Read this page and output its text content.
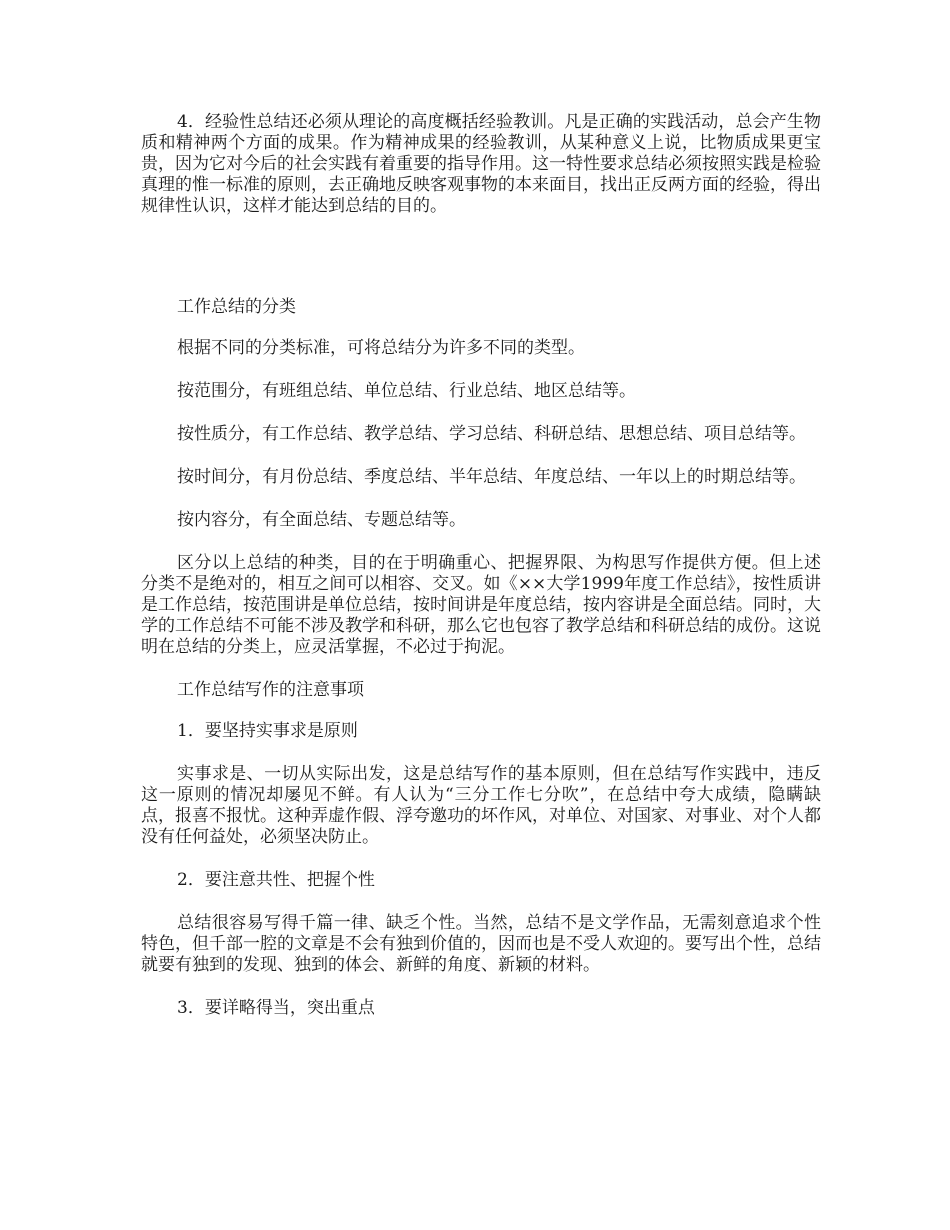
4．经验性总结还必须从理论的高度概括经验教训。凡是正确的实践活动，总会产生物质和精神两个方面的成果。作为精神成果的经验教训，从某种意义上说，比物质成果更宝贵，因为它对今后的社会实践有着重要的指导作用。这一特性要求总结必须按照实践是检验真理的惟一标准的原则，去正确地反映客观事物的本来面目，找出正反两方面的经验，得出规律性认识，这样才能达到总结的目的。

工作总结的分类

根据不同的分类标准，可将总结分为许多不同的类型。

按范围分，有班组总结、单位总结、行业总结、地区总结等。

按性质分，有工作总结、教学总结、学习总结、科研总结、思想总结、项目总结等。

按时间分，有月份总结、季度总结、半年总结、年度总结、一年以上的时期总结等。

按内容分，有全面总结、专题总结等。

区分以上总结的种类，目的在于明确重心、把握界限、为构思写作提供方便。但上述分类不是绝对的，相互之间可以相容、交叉。如《××大学1999年度工作总结》，按性质讲是工作总结，按范围讲是单位总结，按时间讲是年度总结，按内容讲是全面总结。同时，大学的工作总结不可能不涉及教学和科研，那么它也包容了教学总结和科研总结的成份。这说明在总结的分类上，应灵活掌握，不必过于拘泥。

工作总结写作的注意事项

1．要坚持实事求是原则

实事求是、一切从实际出发，这是总结写作的基本原则，但在总结写作实践中，违反这一原则的情况却屡见不鲜。有人认为“三分工作七分吹”，在总结中夸大成绩，隐瞒缺点，报喜不报忧。这种弄虚作假、浮夸邀功的坏作风，对单位、对国家、对事业、对个人都没有任何益处，必须坚决防止。

2．要注意共性、把握个性

总结很容易写得千篇一律、缺乏个性。当然，总结不是文学作品，无需刻意追求个性特色，但千部一腔的文章是不会有独到价值的，因而也是不受人欢迎的。要写出个性，总结就要有独到的发现、独到的体会、新鲜的角度、新颖的材料。

3．要详略得当，突出重点
